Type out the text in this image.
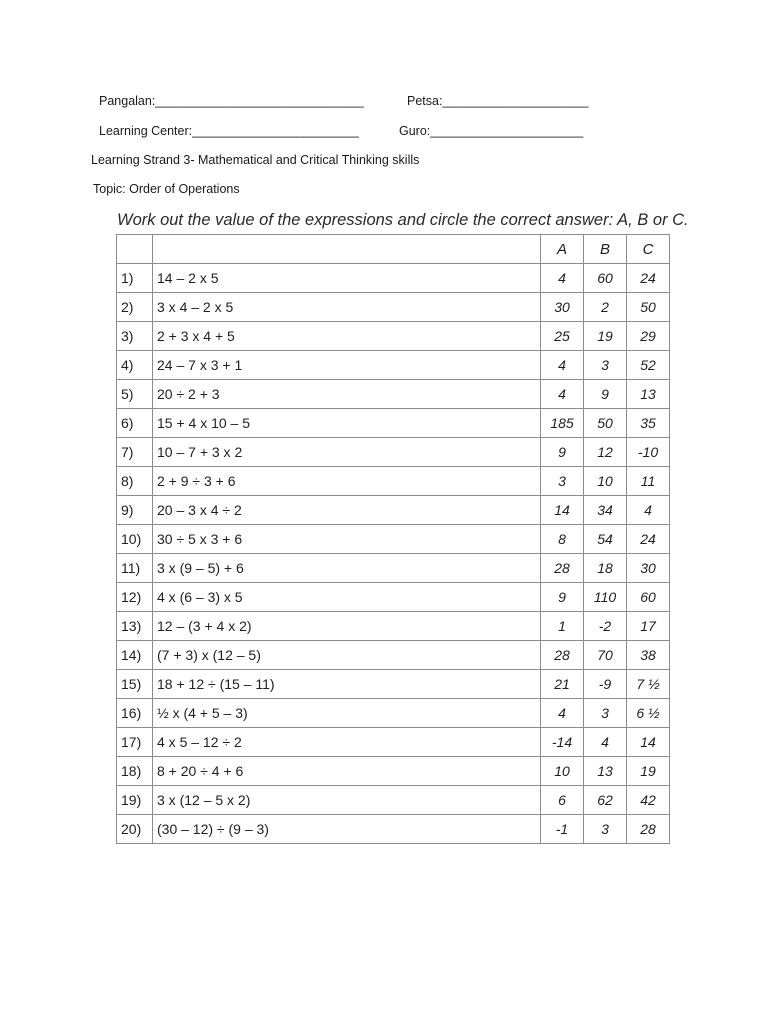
Pangalan:______________________________	Petsa:_____________________
Learning Center:________________________	Guro:______________________
Learning Strand 3- Mathematical and Critical Thinking skills
Topic: Order of Operations
Work out the value of the expressions and circle the correct answer: A, B or C.
		A	B	C
1)	14 – 2 x 5	4	60	24
2)	3 x 4 – 2 x 5	30	2	50
3)	2 + 3 x 4 + 5	25	19	29
4)	24 – 7 x 3 + 1	4	3	52
5)	20 ÷ 2 + 3	4	9	13
6)	15 + 4 x 10 – 5	185	50	35
7)	10 – 7 + 3 x 2	9	12	-10
8)	2 + 9 ÷ 3 + 6	3	10	11
9)	20 – 3 x 4 ÷ 2	14	34	4
10)	30 ÷ 5 x 3 + 6	8	54	24
11)	3 x (9 – 5) + 6	28	18	30
12)	4 x (6 – 3) x 5	9	110	60
13)	12 – (3 + 4 x 2)	1	-2	17
14)	(7 + 3) x (12 – 5)	28	70	38
15)	18 + 12 ÷ (15 – 11)	21	-9	7 ½
16)	½ x (4 + 5 – 3)	4	3	6 ½
17)	4 x 5 – 12 ÷ 2	-14	4	14
18)	8 + 20 ÷ 4 + 6	10	13	19
19)	3 x (12 – 5 x 2)	6	62	42
20)	(30 – 12) ÷ (9 – 3)	-1	3	28
